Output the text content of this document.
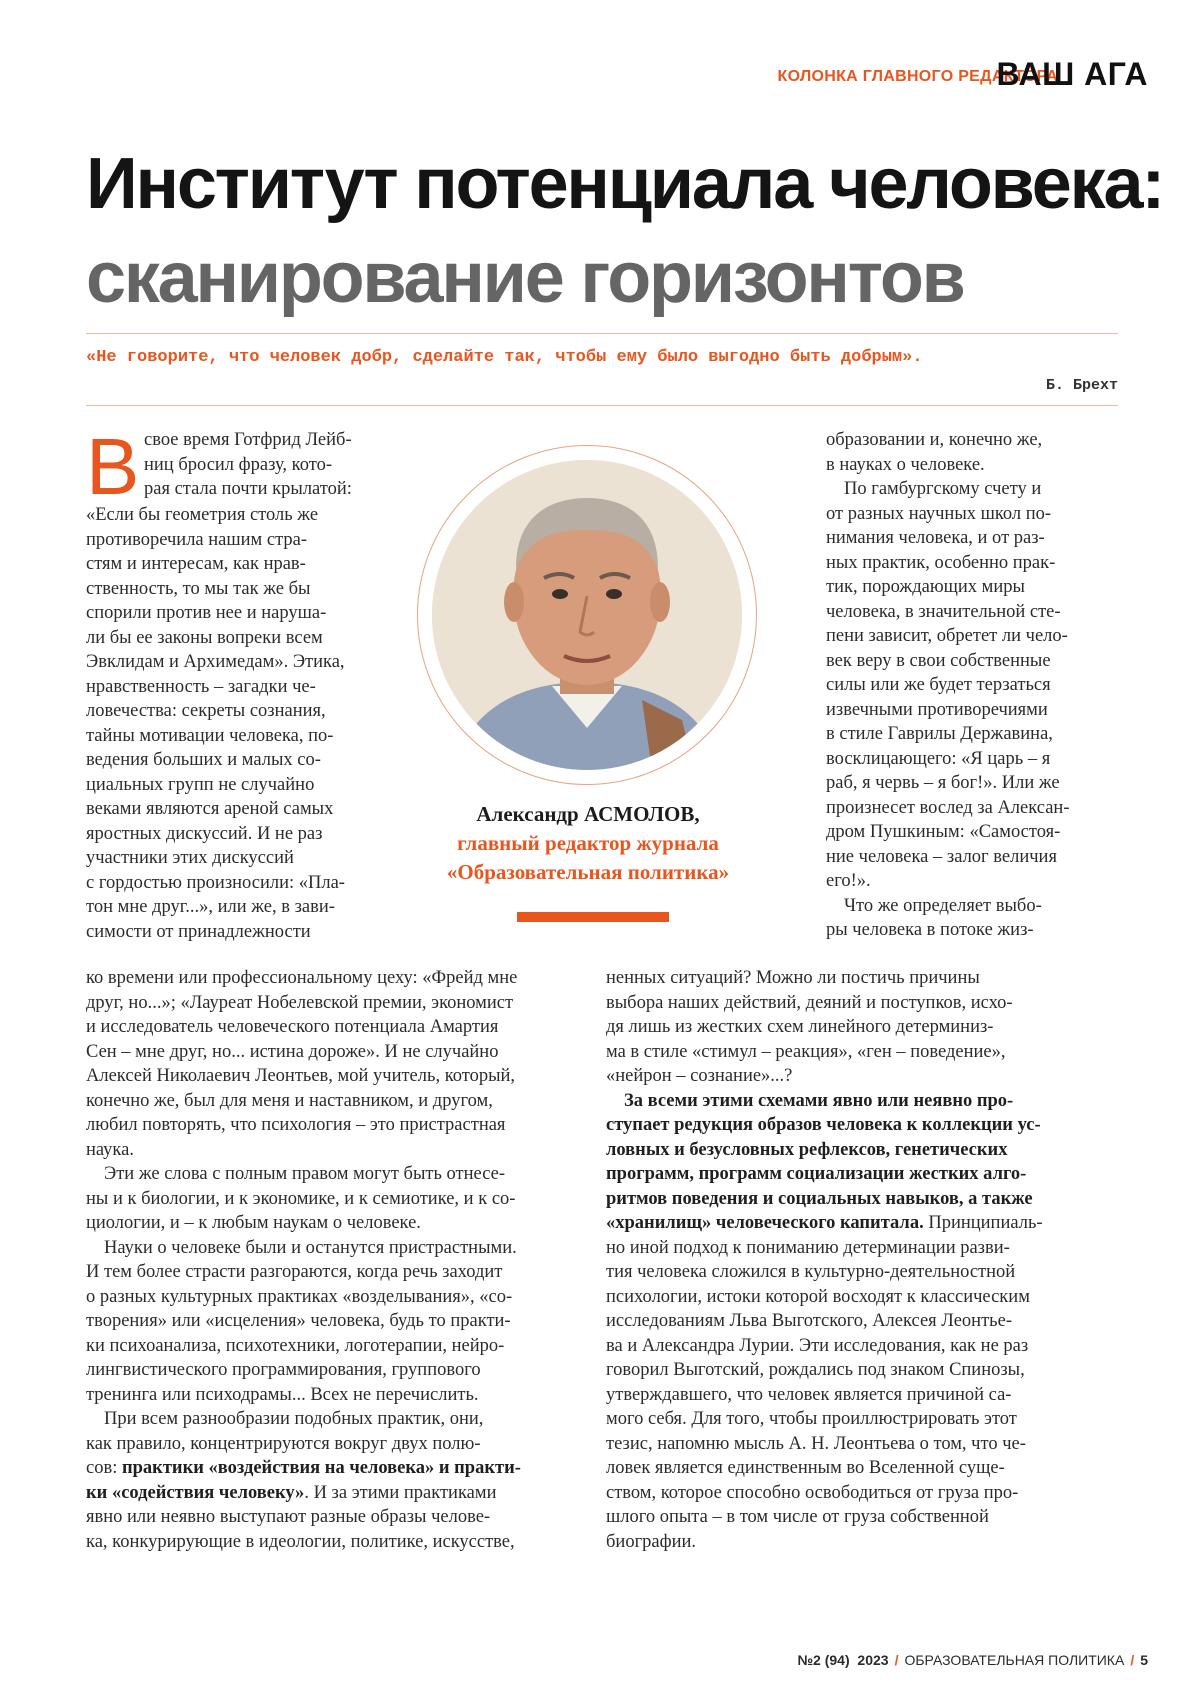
КОЛОНКА ГЛАВНОГО РЕДАКТОРА
ВАШ АГА
Институт потенциала человека:
сканирование горизонтов
«Не говорите, что человек добр, сделайте так, чтобы ему было выгодно быть добрым».
Б. Брехт
Александр АСМОЛОВ,
главный редактор журнала
«Образовательная политика»
В свое время Готфрид Лейб-
ниц бросил фразу, кото-
рая стала почти крылатой:
«Если бы геометрия столь же
противоречила нашим стра-
стям и интересам, как нрав-
ственность, то мы так же бы
спорили против нее и наруша-
ли бы ее законы вопреки всем
Эвклидам и Архимедам». Этика,
нравственность – загадки че-
ловечества: секреты сознания,
тайны мотивации человека, по-
ведения больших и малых со-
циальных групп не случайно
веками являются ареной самых
яростных дискуссий. И не раз
участники этих дискуссий
с гордостью произносили: «Пла-
тон мне друг...», или же, в зави-
симости от принадлежности
ко времени или профессиональному цеху: «Фрейд мне
друг, но...»; «Лауреат Нобелевской премии, экономист
и исследователь человеческого потенциала Амартия
Сен – мне друг, но... истина дороже». И не случайно
Алексей Николаевич Леонтьев, мой учитель, который,
конечно же, был для меня и наставником, и другом,
любил повторять, что психология – это пристрастная
наука.
Эти же слова с полным правом могут быть отнесе-
ны и к биологии, и к экономике, и к семиотике, и к со-
циологии, и – к любым наукам о человеке.
Науки о человеке были и останутся пристрастными.
И тем более страсти разгораются, когда речь заходит
о разных культурных практиках «возделывания», «со-
творения» или «исцеления» человека, будь то практи-
ки психоанализа, психотехники, логотерапии, нейро-
лингвистического программирования, группового
тренинга или психодрамы... Всех не перечислить.
При всем разнообразии подобных практик, они,
как правило, концентрируются вокруг двух полю-
сов: практики «воздействия на человека» и практи-
ки «содействия человеку». И за этими практиками
явно или неявно выступают разные образы челове-
ка, конкурирующие в идеологии, политике, искусстве,
образовании и, конечно же,
в науках о человеке.
По гамбургскому счету и
от разных научных школ по-
нимания человека, и от раз-
ных практик, особенно прак-
тик, порождающих миры
человека, в значительной сте-
пени зависит, обретет ли чело-
век веру в свои собственные
силы или же будет терзаться
извечными противоречиями
в стиле Гаврилы Державина,
восклицающего: «Я царь – я
раб, я червь – я бог!». Или же
произнесет вослед за Алексан-
дром Пушкиным: «Самостоя-
ние человека – залог величия
его!».
Что же определяет выбо-
ры человека в потоке жиз-
ненных ситуаций? Можно ли постичь причины
выбора наших действий, деяний и поступков, исхо-
дя лишь из жестких схем линейного детерминиз-
ма в стиле «стимул – реакция», «ген – поведение»,
«нейрон – сознание»...?
За всеми этими схемами явно или неявно про-
ступает редукция образов человека к коллекции ус-
ловных и безусловных рефлексов, генетических
программ, программ социализации жестких алго-
ритмов поведения и социальных навыков, а также
«хранилищ» человеческого капитала. Принципиаль-
но иной подход к пониманию детерминации разви-
тия человека сложился в культурно-деятельностной
психологии, истоки которой восходят к классическим
исследованиям Льва Выготского, Алексея Леонтье-
ва и Александра Лурии. Эти исследования, как не раз
говорил Выготский, рождались под знаком Спинозы,
утверждавшего, что человек является причиной са-
мого себя. Для того, чтобы проиллюстрировать этот
тезис, напомню мысль А. Н. Леонтьева о том, что че-
ловек является единственным во Вселенной суще-
ством, которое способно освободиться от груза про-
шлого опыта – в том числе от груза собственной
биографии.
№2 (94) 2023 / ОБРАЗОВАТЕЛЬНАЯ ПОЛИТИКА / 5
